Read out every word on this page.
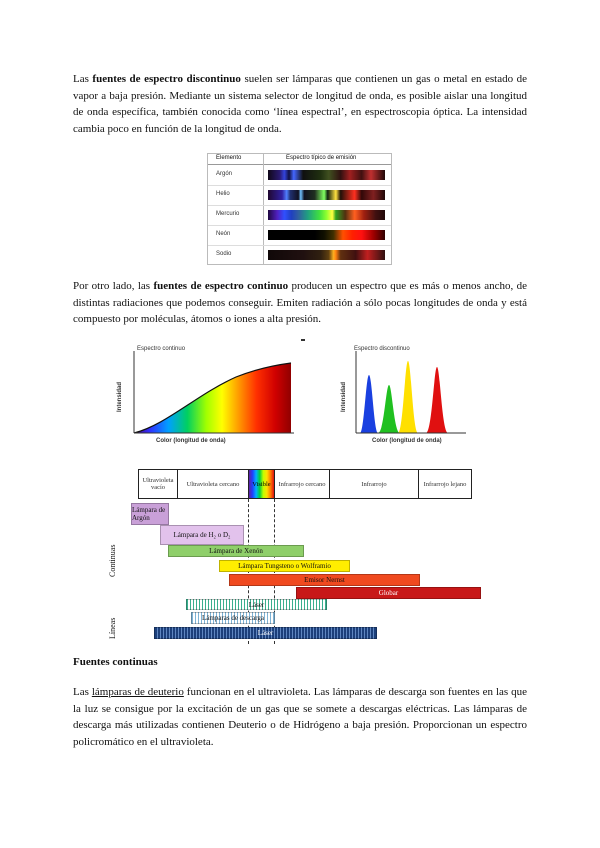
Las fuentes de espectro discontinuo suelen ser lámparas que contienen un gas o metal en estado de vapor a baja presión. Mediante un sistema selector de longitud de onda, es posible aislar una longitud de onda específica, también conocida como ‘línea espectral’, en espectroscopia óptica. La intensidad cambia poco en función de la longitud de onda.
Elemento	Espectro típico de emisión
Argón
Helio
Mercurio
Neón
Sodio
Por otro lado, las fuentes de espectro continuo producen un espectro que es más o menos ancho, de distintas radiaciones que podemos conseguir. Emiten radiación a sólo pocas longitudes de onda y está compuesto por moléculas, átomos o iones a alta presión.
Espectro continuo
Intensidad
Color (longitud de onda)
Espectro discontinuo
Intensidad
Color (longitud de onda)
Ultravioleta vacío	Ultravioleta cercano Visible Infrarrojo cercano	Infrarrojo	Infrarrojo lejano
Continuas
Líneas
Lámpara de Argón
Lámpara de H₂ o D₂
Lámpara de Xenón
Lámpara Tungsteno o Wolframio
Emisor Nernst
Globar
Láser
Lámparas de descarga
Láser
Fuentes continuas
Las lámparas de deuterio funcionan en el ultravioleta. Las lámparas de descarga son fuentes en las que la luz se consigue por la excitación de un gas que se somete a descargas eléctricas. Las lámparas de descarga más utilizadas contienen Deuterio o de Hidrógeno a baja presión. Proporcionan un espectro policromático en el ultravioleta.
